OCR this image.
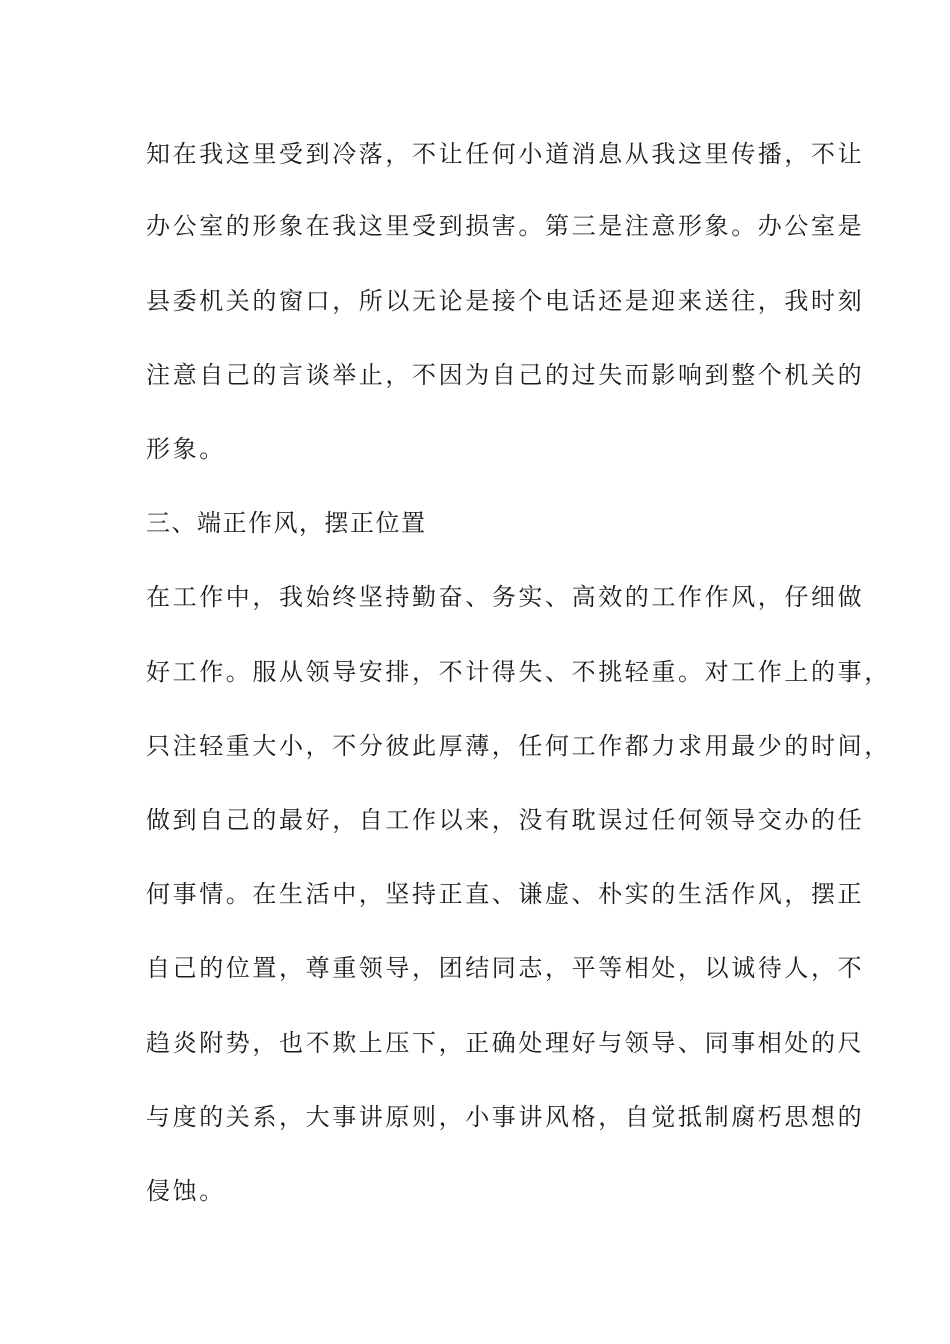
知在我这里受到冷落，不让任何小道消息从我这里传播，不让

办公室的形象在我这里受到损害。第三是注意形象。办公室是

县委机关的窗口，所以无论是接个电话还是迎来送往，我时刻

注意自己的言谈举止，不因为自己的过失而影响到整个机关的

形象。

三、端正作风，摆正位置

在工作中，我始终坚持勤奋、务实、高效的工作作风，仔细做

好工作。服从领导安排，不计得失、不挑轻重。对工作上的事，

只注轻重大小，不分彼此厚薄，任何工作都力求用最少的时间，

做到自己的最好，自工作以来，没有耽误过任何领导交办的任

何事情。在生活中，坚持正直、谦虚、朴实的生活作风，摆正

自己的位置，尊重领导，团结同志，平等相处，以诚待人，不

趋炎附势，也不欺上压下，正确处理好与领导、同事相处的尺

与度的关系，大事讲原则，小事讲风格，自觉抵制腐朽思想的

侵蚀。
